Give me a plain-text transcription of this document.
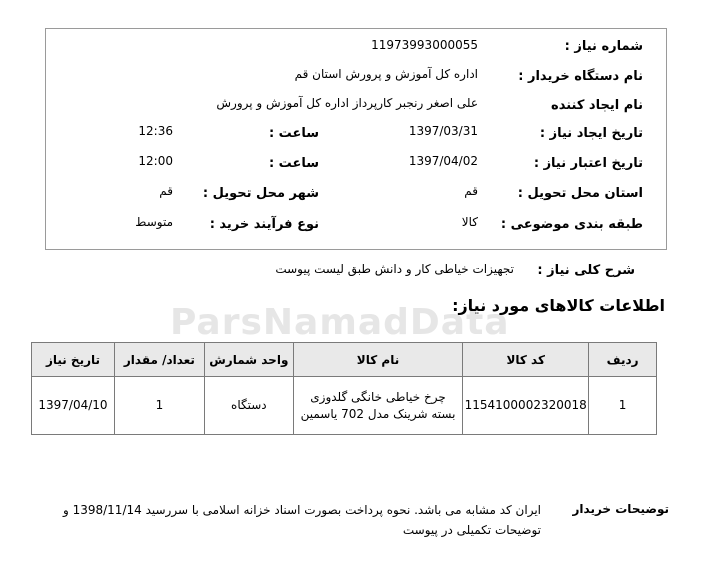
ParsNamadData
شماره نیاز :
11973993000055
نام دستگاه خریدار :
اداره کل آموزش و پرورش استان قم
نام ایجاد کننده
علی اصغر رنجبر کارپرداز اداره کل آموزش و پرورش
تاریخ ایجاد نیاز :
1397/03/31
ساعت :
12:36
تاریخ اعتبار نیاز :
1397/04/02
ساعت :
12:00
استان محل تحویل :
قم
شهر محل تحویل :
قم
طبقه بندی موضوعی :
کالا
نوع فرآیند خرید :
متوسط
شرح کلی نیاز :
تجهیزات خیاطی کار و دانش طبق لیست پیوست
اطلاعات کالاهای مورد نیاز:
ردیف	کد کالا	نام کالا	واحد شمارش	تعداد/ مقدار	تاریخ نیاز
1	1154100002320018	چرخ خیاطی خانگی گلدوزی بسته شرینک مدل 702 یاسمین	دستگاه	1	1397/04/10
توضیحات خریدار
ایران کد مشابه می باشد. نحوه پرداخت بصورت اسناد خزانه اسلامی با سررسید 1398/11/14 و توضیحات تکمیلی در پیوست
